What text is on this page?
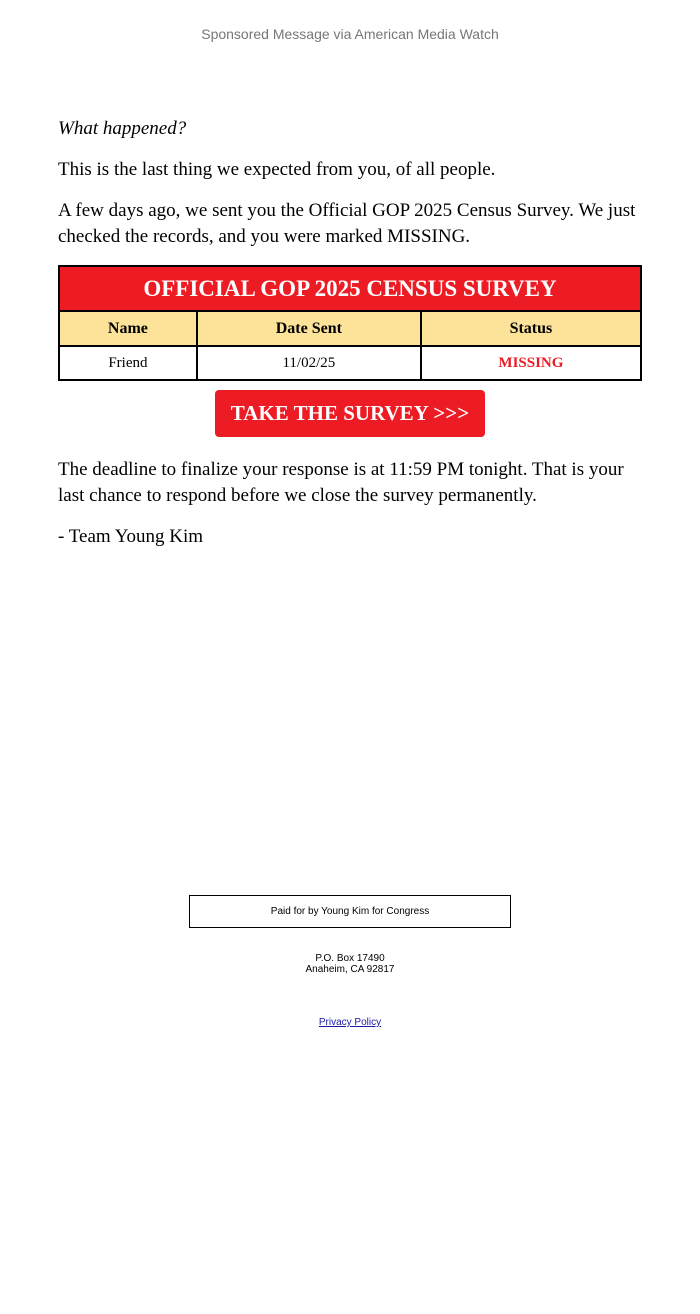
Sponsored Message via American Media Watch

What happened?

This is the last thing we expected from you, of all people.

A few days ago, we sent you the Official GOP 2025 Census Survey. We just checked the records, and you were marked MISSING.

OFFICIAL GOP 2025 CENSUS SURVEY		
Name	Date Sent	Status
Friend	11/02/25	MISSING
TAKE THE SURVEY >>>

The deadline to finalize your response is at 11:59 PM tonight. That is your last chance to respond before we close the survey permanently.

- Team Young Kim

Paid for by Young Kim for Congress
P.O. Box 17490
Anaheim, CA 92817
Privacy Policy
